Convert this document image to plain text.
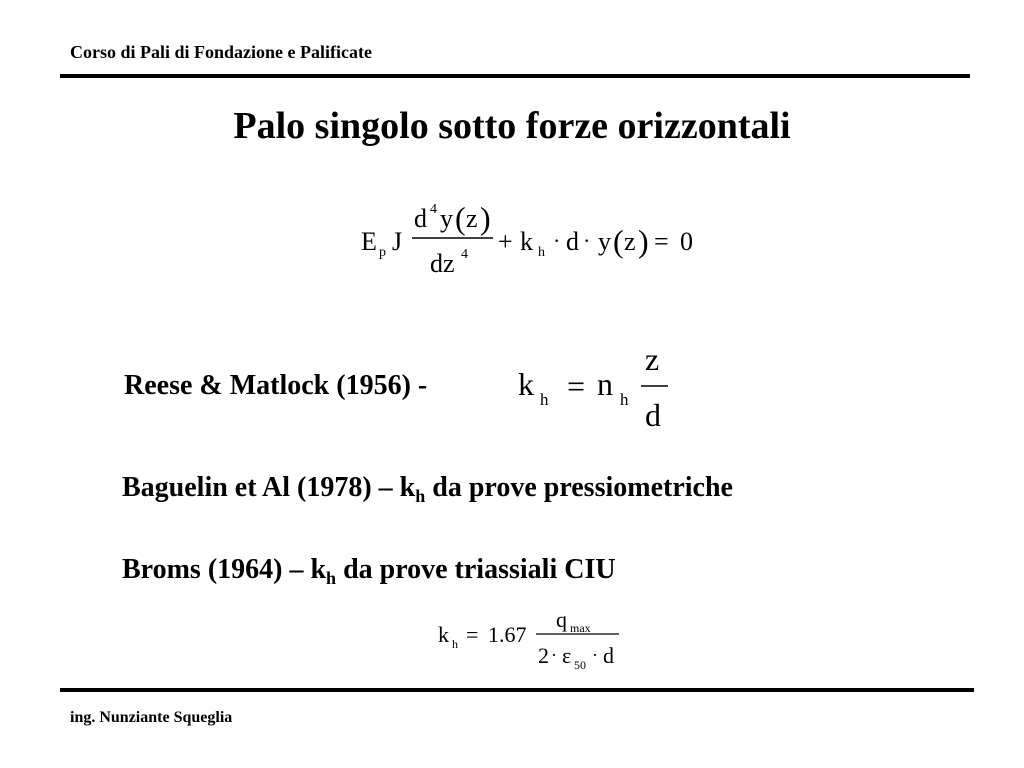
Corso di Pali di Fondazione e Palificate
Palo singolo sotto forze orizzontali
E p J
d 4 y ( z )
dz 4 + k h · d · y ( z ) = 0
k h = n h
z
d
k h = 1.67
q max
2 · ε 50 · d
Reese & Matlock (1956) -
Baguelin et Al $(1978) - k_h$ da prove pressiometriche
Broms $(1964) - k_h$ da prove triassiali CIU
ing. Nunziante Squeglia
